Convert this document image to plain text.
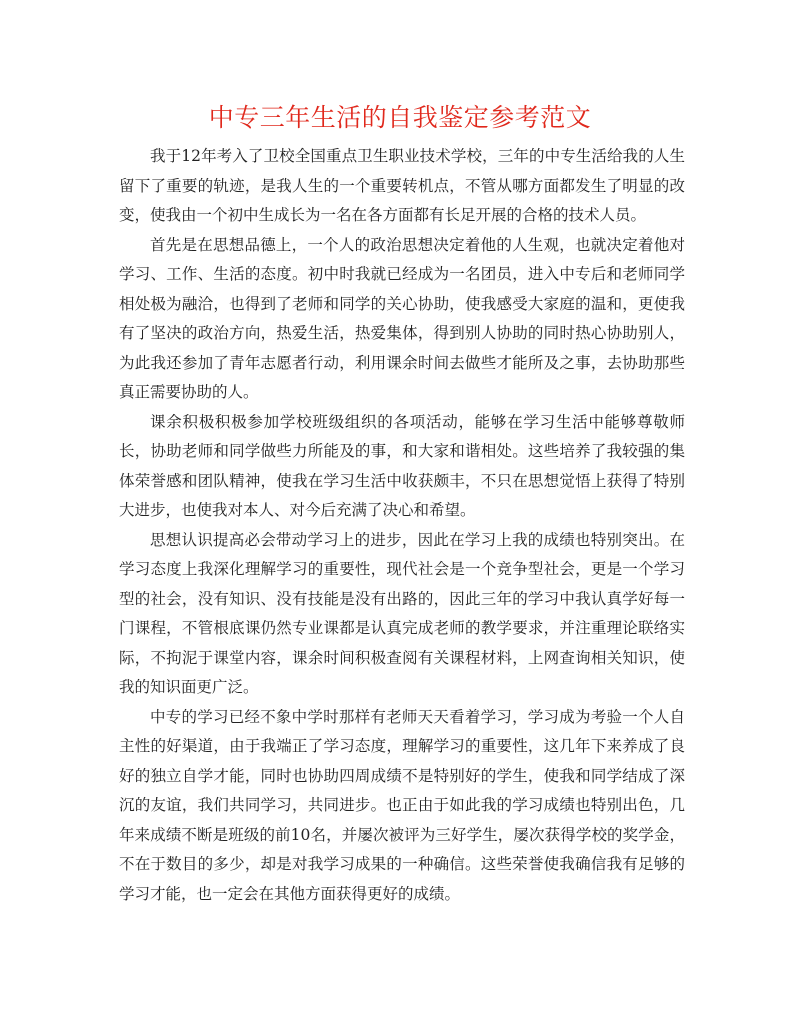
中专三年生活的自我鉴定参考范文

我于12年考入了卫校全国重点卫生职业技术学校，三年的中专生活给我的人生留下了重要的轨迹，是我人生的一个重要转机点，不管从哪方面都发生了明显的改变，使我由一个初中生成长为一名在各方面都有长足开展的合格的技术人员。

首先是在思想品德上，一个人的政治思想决定着他的人生观，也就决定着他对学习、工作、生活的态度。初中时我就已经成为一名团员，进入中专后和老师同学相处极为融洽，也得到了老师和同学的关心协助，使我感受大家庭的温和，更使我有了坚决的政治方向，热爱生活，热爱集体，得到别人协助的同时热心协助别人，为此我还参加了青年志愿者行动，利用课余时间去做些才能所及之事，去协助那些真正需要协助的人。

课余积极积极参加学校班级组织的各项活动，能够在学习生活中能够尊敬师长，协助老师和同学做些力所能及的事，和大家和谐相处。这些培养了我较强的集体荣誉感和团队精神，使我在学习生活中收获颇丰，不只在思想觉悟上获得了特别大进步，也使我对本人、对今后充满了决心和希望。

思想认识提高必会带动学习上的进步，因此在学习上我的成绩也特别突出。在学习态度上我深化理解学习的重要性，现代社会是一个竞争型社会，更是一个学习型的社会，没有知识、没有技能是没有出路的，因此三年的学习中我认真学好每一门课程，不管根底课仍然专业课都是认真完成老师的教学要求，并注重理论联络实际，不拘泥于课堂内容，课余时间积极查阅有关课程材料，上网查询相关知识，使我的知识面更广泛。

中专的学习已经不象中学时那样有老师天天看着学习，学习成为考验一个人自主性的好渠道，由于我端正了学习态度，理解学习的重要性，这几年下来养成了良好的独立自学才能，同时也协助四周成绩不是特别好的学生，使我和同学结成了深沉的友谊，我们共同学习，共同进步。也正由于如此我的学习成绩也特别出色，几年来成绩不断是班级的前10名，并屡次被评为三好学生，屡次获得学校的奖学金，不在于数目的多少，却是对我学习成果的一种确信。这些荣誉使我确信我有足够的学习才能，也一定会在其他方面获得更好的成绩。
